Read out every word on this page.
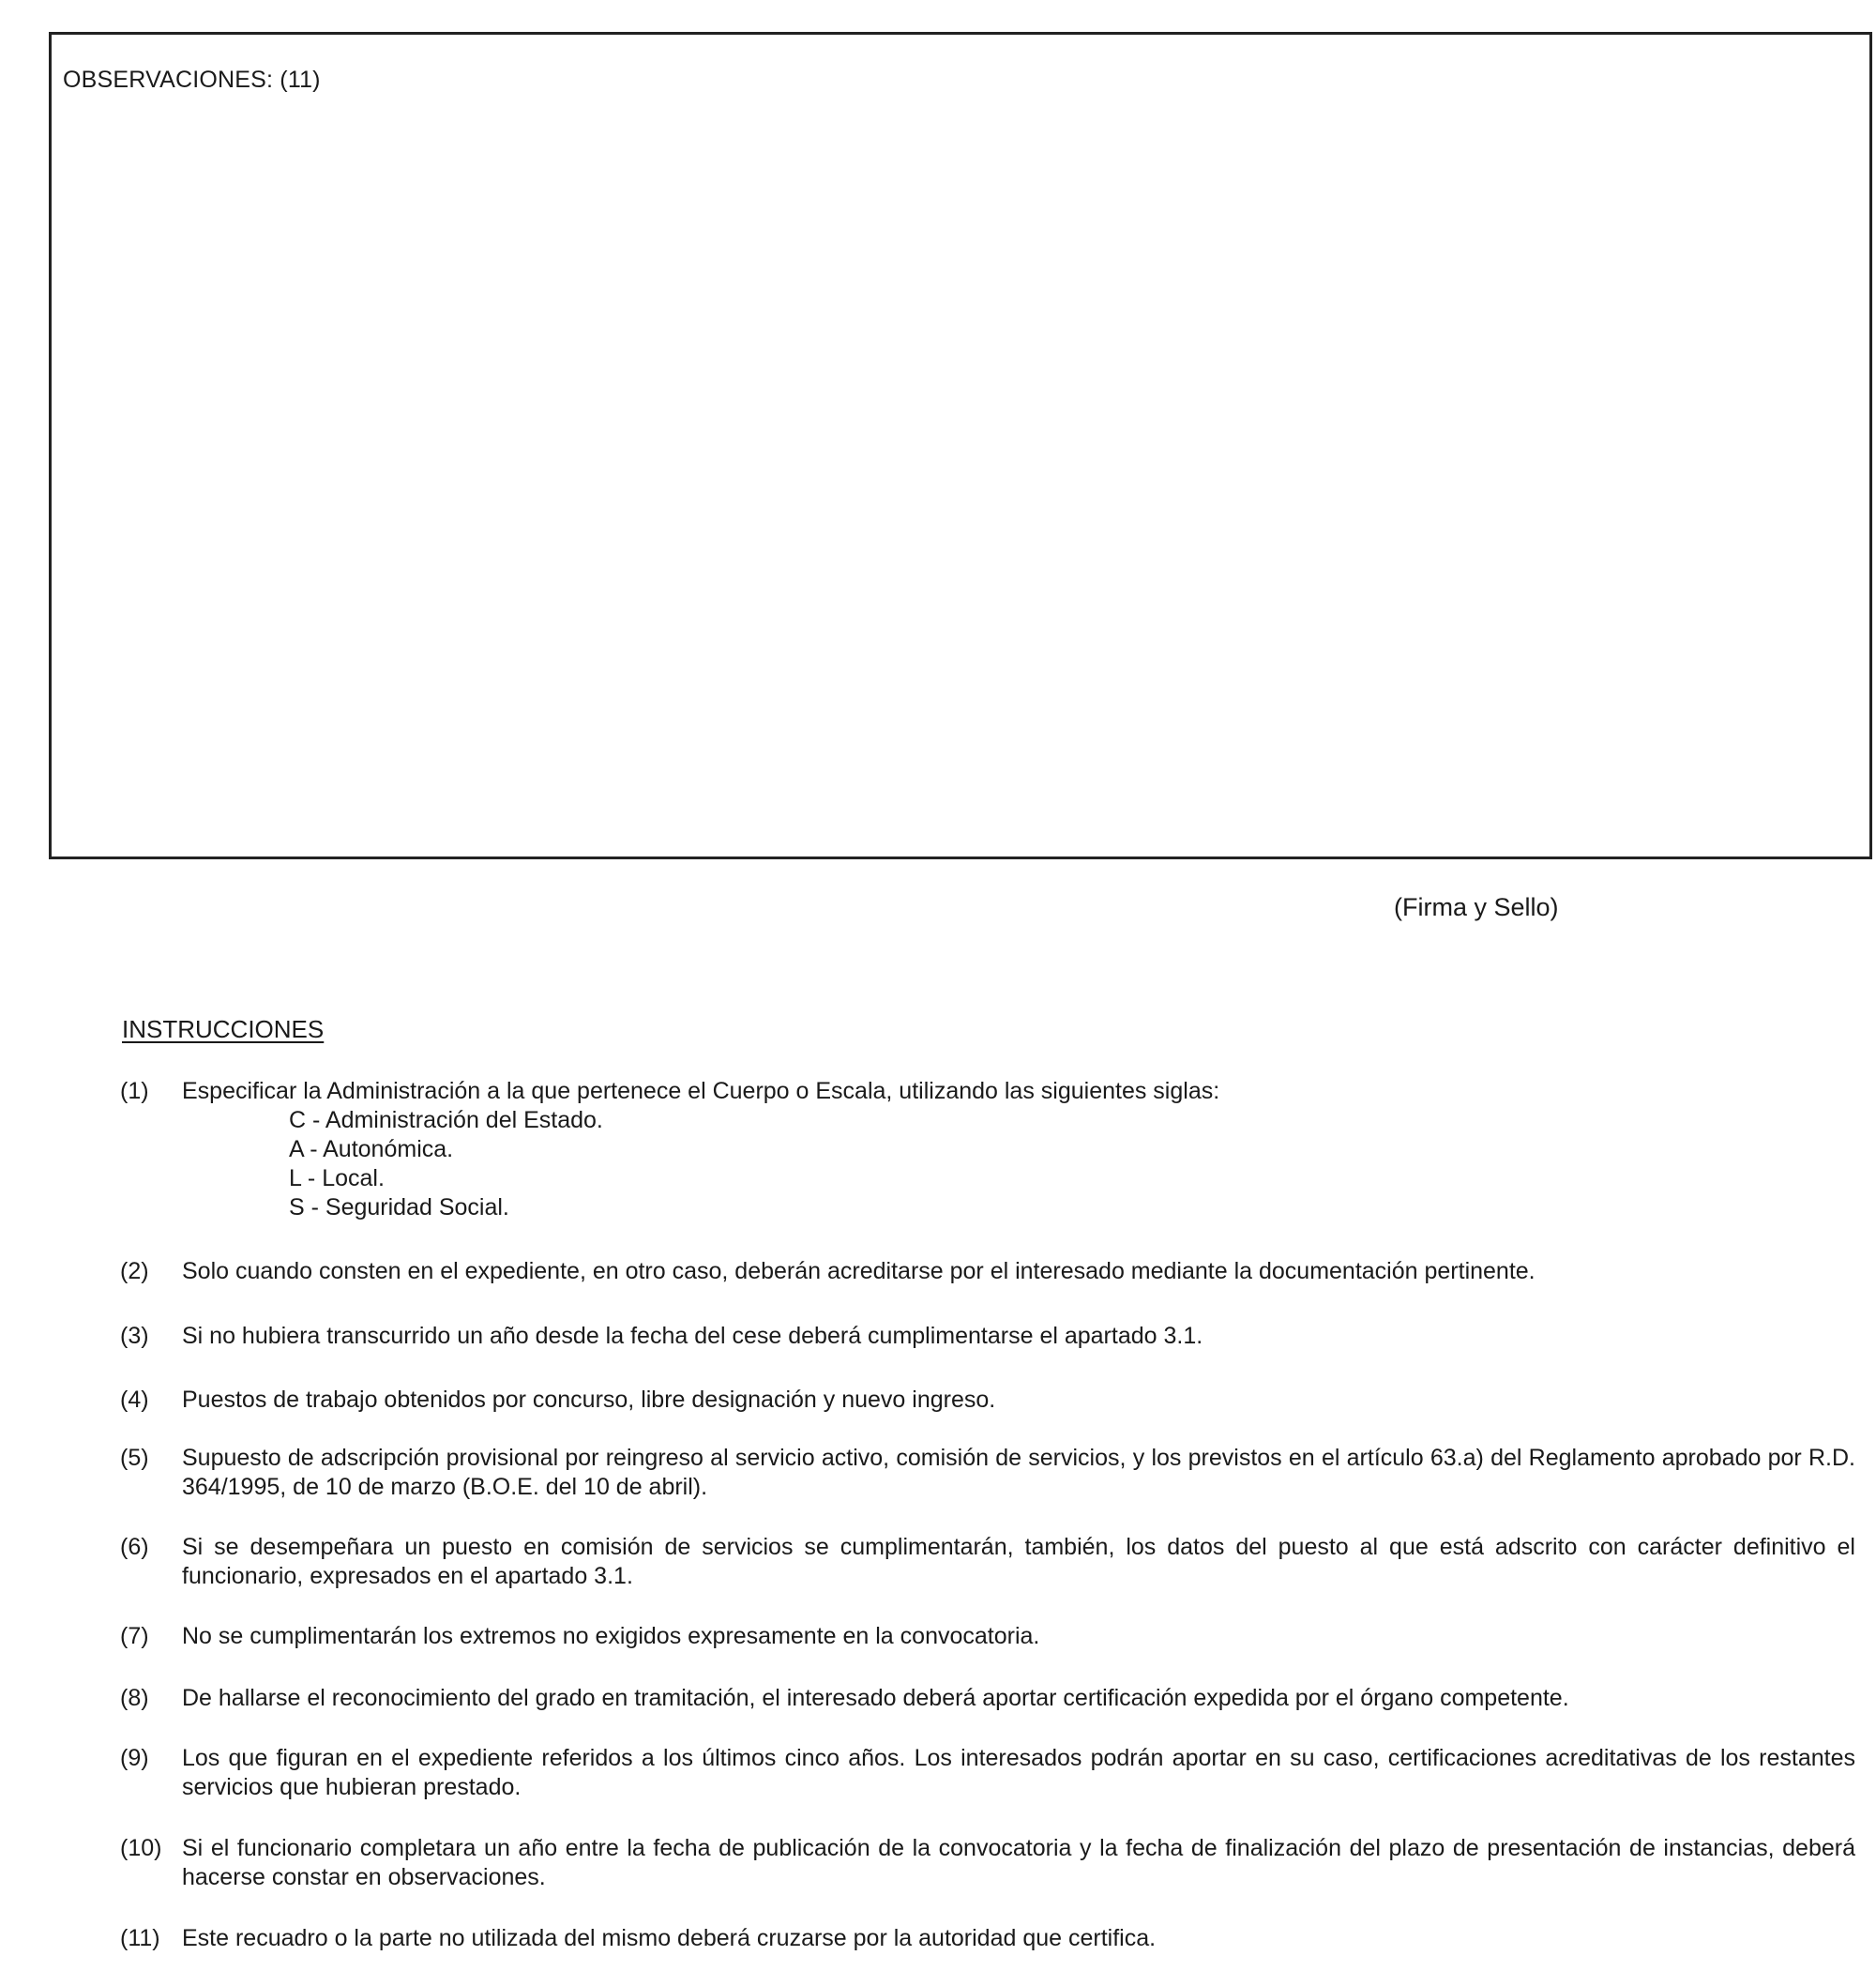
OBSERVACIONES: (11)
(Firma y Sello)
INSTRUCCIONES
(1)	Especificar la Administración a la que pertenece el Cuerpo o Escala, utilizando las siguientes siglas:
C - Administración del Estado.
A - Autonómica.
L - Local.
S - Seguridad Social.
(2)	Solo cuando consten en el expediente, en otro caso, deberán acreditarse por el interesado mediante la documentación pertinente.
(3)	Si no hubiera transcurrido un año desde la fecha del cese deberá cumplimentarse el apartado 3.1.
(4)	Puestos de trabajo obtenidos por concurso, libre designación y nuevo ingreso.
(5)	Supuesto de adscripción provisional por reingreso al servicio activo, comisión de servicios, y los previstos en el artículo 63.a) del Reglamento aprobado por R.D. 364/1995, de 10 de marzo (B.O.E. del 10 de abril).
(6)	Si se desempeñara un puesto en comisión de servicios se cumplimentarán, también, los datos del puesto al que está adscrito con carácter definitivo el funcionario, expresados en el apartado 3.1.
(7)	No se cumplimentarán los extremos no exigidos expresamente en la convocatoria.
(8)	De hallarse el reconocimiento del grado en tramitación, el interesado deberá aportar certificación expedida por el órgano competente.
(9)	Los que figuran en el expediente referidos a los últimos cinco años. Los interesados podrán aportar en su caso, certificaciones acreditativas de los restantes servicios que hubieran prestado.
(10) Si el funcionario completara un año entre la fecha de publicación de la convocatoria y la fecha de finalización del plazo de presentación de instancias, deberá hacerse constar en observaciones.
(11) Este recuadro o la parte no utilizada del mismo deberá cruzarse por la autoridad que certifica.
